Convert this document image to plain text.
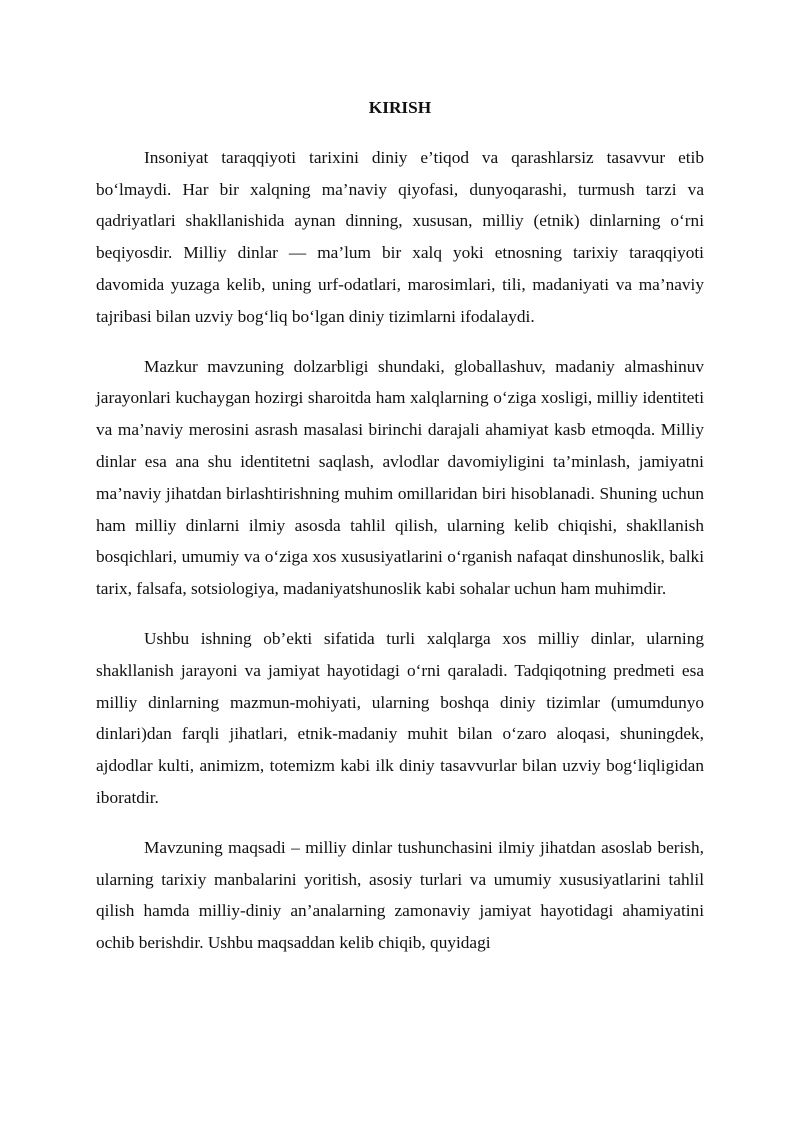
KIRISH

Insoniyat taraqqiyoti tarixini diniy e’tiqod va qarashlarsiz tasavvur etib bo‘lmaydi. Har bir xalqning ma’naviy qiyofasi, dunyoqarashi, turmush tarzi va qadriyatlari shakllanishida aynan dinning, xususan, milliy (etnik) dinlarning o‘rni beqiyosdir. Milliy dinlar — ma’lum bir xalq yoki etnosning tarixiy taraqqiyoti davomida yuzaga kelib, uning urf-odatlari, marosimlari, tili, madaniyati va ma’naviy tajribasi bilan uzviy bog‘liq bo‘lgan diniy tizimlarni ifodalaydi.

Mazkur mavzuning dolzarbligi shundaki, globallashuv, madaniy almashinuv jarayonlari kuchaygan hozirgi sharoitda ham xalqlarning o‘ziga xosligi, milliy identiteti va ma’naviy merosini asrash masalasi birinchi darajali ahamiyat kasb etmoqda. Milliy dinlar esa ana shu identitetni saqlash, avlodlar davomiyligini ta’minlash, jamiyatni ma’naviy jihatdan birlashtirishning muhim omillaridan biri hisoblanadi. Shuning uchun ham milliy dinlarni ilmiy asosda tahlil qilish, ularning kelib chiqishi, shakllanish bosqichlari, umumiy va o‘ziga xos xususiyatlarini o‘rganish nafaqat dinshunoslik, balki tarix, falsafa, sotsiologiya, madaniyatshunoslik kabi sohalar uchun ham muhimdir.

Ushbu ishning ob’ekti sifatida turli xalqlarga xos milliy dinlar, ularning shakllanish jarayoni va jamiyat hayotidagi o‘rni qaraladi. Tadqiqotning predmeti esa milliy dinlarning mazmun-mohiyati, ularning boshqa diniy tizimlar (umumdunyo dinlari)dan farqli jihatlari, etnik-madaniy muhit bilan o‘zaro aloqasi, shuningdek, ajdodlar kulti, animizm, totemizm kabi ilk diniy tasavvurlar bilan uzviy bog‘liqligidan iboratdir.

Mavzuning maqsadi – milliy dinlar tushunchasini ilmiy jihatdan asoslab berish, ularning tarixiy manbalarini yoritish, asosiy turlari va umumiy xususiyatlarini tahlil qilish hamda milliy-diniy an’analarning zamonaviy jamiyat hayotidagi ahamiyatini ochib berishdir. Ushbu maqsaddan kelib chiqib, quyidagi
